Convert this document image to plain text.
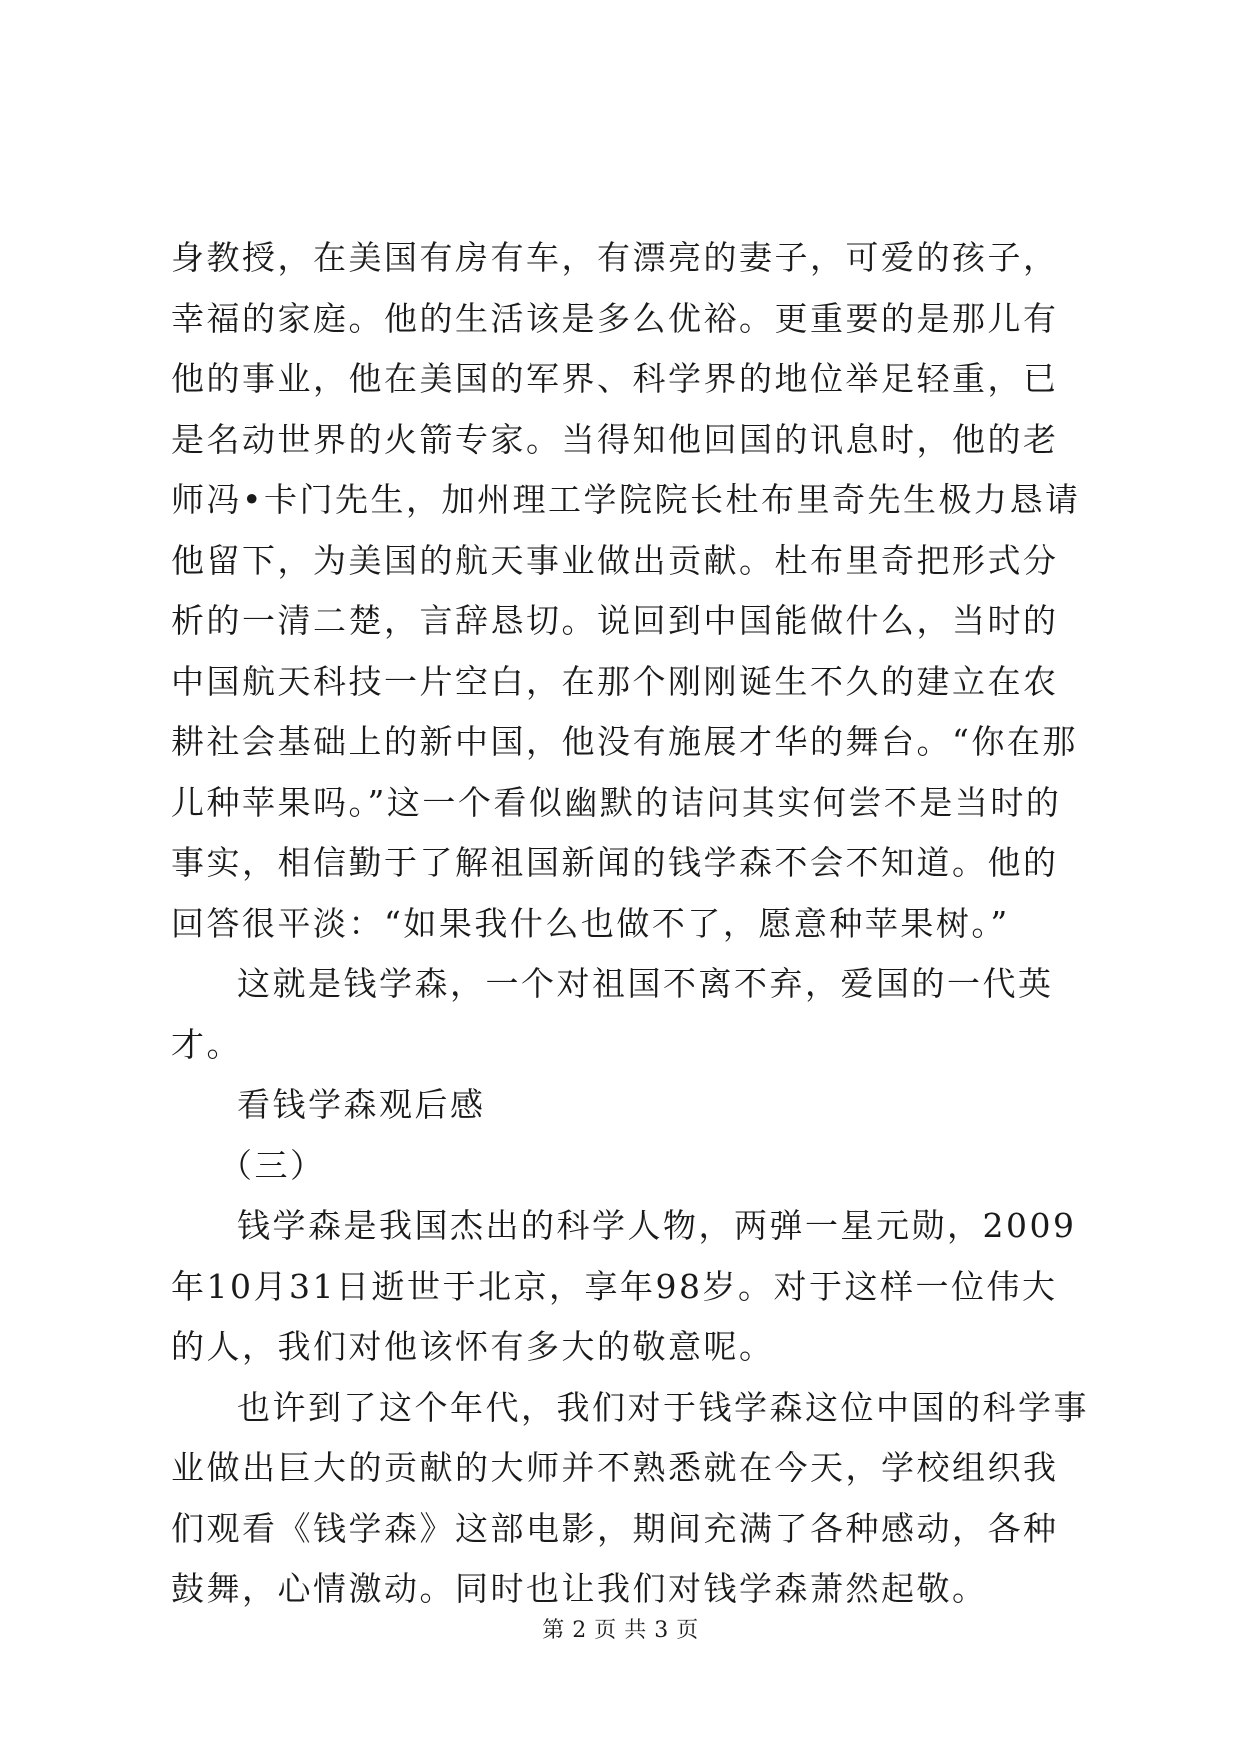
身教授，在美国有房有车，有漂亮的妻子，可爱的孩子，幸福的家庭。他的生活该是多么优裕。更重要的是那儿有他的事业，他在美国的军界、科学界的地位举足轻重，已是名动世界的火箭专家。当得知他回国的讯息时，他的老师冯•卡门先生，加州理工学院院长杜布里奇先生极力恳请他留下，为美国的航天事业做出贡献。杜布里奇把形式分析的一清二楚，言辞恳切。说回到中国能做什么，当时的中国航天科技一片空白，在那个刚刚诞生不久的建立在农耕社会基础上的新中国，他没有施展才华的舞台。“你在那儿种苹果吗。”这一个看似幽默的诘问其实何尝不是当时的事实，相信勤于了解祖国新闻的钱学森不会不知道。他的回答很平淡：“如果我什么也做不了，愿意种苹果树。”

这就是钱学森，一个对祖国不离不弃，爱国的一代英才。

看钱学森观后感

（三）

钱学森是我国杰出的科学人物，两弹一星元勋，2009年10月31日逝世于北京，享年98岁。对于这样一位伟大的人，我们对他该怀有多大的敬意呢。

也许到了这个年代，我们对于钱学森这位中国的科学事业做出巨大的贡献的大师并不熟悉就在今天，学校组织我们观看《钱学森》这部电影，期间充满了各种感动，各种鼓舞，心情激动。同时也让我们对钱学森萧然起敬。

第 2 页 共 3 页
